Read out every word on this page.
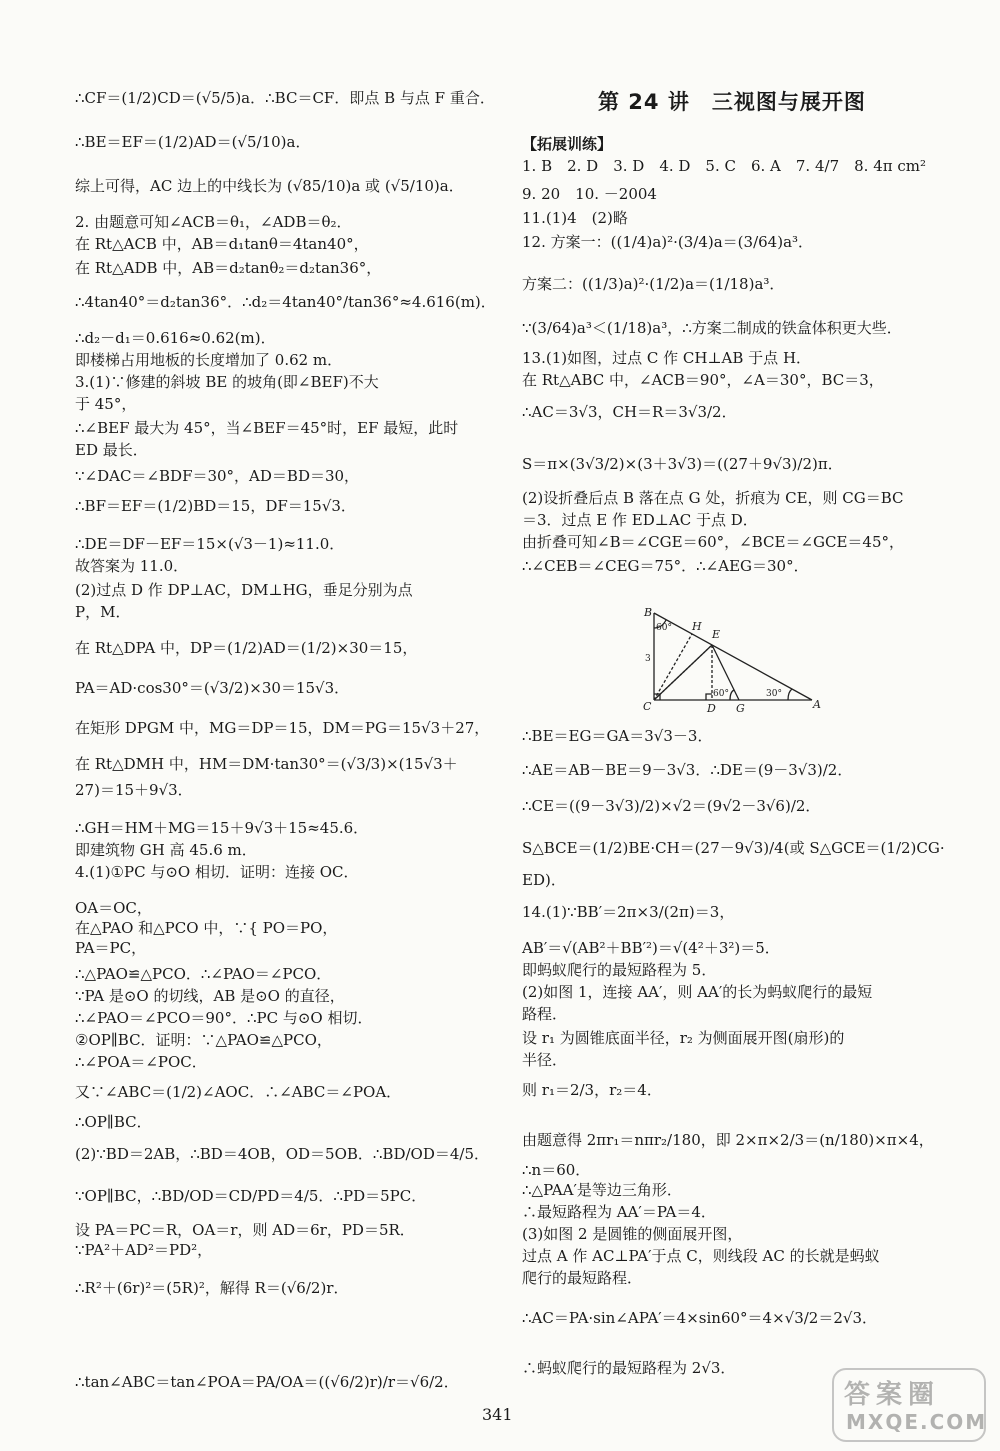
第 24 讲　三视图与展开图
∴CF＝(1/2)CD＝(√5/5)a．∴BC＝CF．即点 B 与点 F 重合．
∴BE＝EF＝(1/2)AD＝(√5/10)a．
综上可得，AC 边上的中线长为 (√85/10)a 或 (√5/10)a．
2. 由题意可知∠ACB＝θ₁，∠ADB＝θ₂．
在 Rt△ACB 中，AB＝d₁tanθ＝4tan40°，
在 Rt△ADB 中，AB＝d₂tanθ₂＝d₂tan36°，
∴4tan40°＝d₂tan36°．∴d₂＝4tan40°/tan36°≈4.616(m)．
∴d₂－d₁＝0.616≈0.62(m)．
即楼梯占用地板的长度增加了 0.62 m．
3.(1)∵修建的斜坡 BE 的坡角(即∠BEF)不大
于 45°，
∴∠BEF 最大为 45°，当∠BEF＝45°时，EF 最短，此时
ED 最长．
∵∠DAC＝∠BDF＝30°，AD＝BD＝30，
∴BF＝EF＝(1/2)BD＝15，DF＝15√3．
∴DE＝DF－EF＝15×(√3－1)≈11.0．
故答案为 11.0．
(2)过点 D 作 DP⊥AC，DM⊥HG，垂足分别为点
P，M．
在 Rt△DPA 中，DP＝(1/2)AD＝(1/2)×30＝15，
PA＝AD·cos30°＝(√3/2)×30＝15√3．
在矩形 DPGM 中，MG＝DP＝15，DM＝PG＝15√3＋27，
在 Rt△DMH 中，HM＝DM·tan30°＝(√3/3)×(15√3＋
27)＝15＋9√3．
∴GH＝HM＋MG＝15＋9√3＋15≈45.6．
即建筑物 GH 高 45.6 m．
4.(1)①PC 与⊙O 相切．证明：连接 OC．
OA＝OC，
在△PAO 和△PCO 中，∵{ PO＝PO，
PA＝PC，
∴△PAO≌△PCO．∴∠PAO＝∠PCO．
∵PA 是⊙O 的切线，AB 是⊙O 的直径，
∴∠PAO＝∠PCO＝90°．∴PC 与⊙O 相切．
②OP∥BC．证明：∵△PAO≌△PCO，
∴∠POA＝∠POC．
又∵∠ABC＝(1/2)∠AOC．∴∠ABC＝∠POA．
∴OP∥BC．
(2)∵BD＝2AB，∴BD＝4OB，OD＝5OB．∴BD/OD＝4/5．
∵OP∥BC，∴BD/OD＝CD/PD＝4/5．∴PD＝5PC．
设 PA＝PC＝R，OA＝r，则 AD＝6r，PD＝5R．
∵PA²＋AD²＝PD²，
∴R²＋(6r)²＝(5R)²，解得 R＝(√6/2)r．
∴tan∠ABC＝tan∠POA＝PA/OA＝((√6/2)r)/r＝√6/2．
【拓展训练】
1. B　2. D　3. D　4. D　5. C　6. A　7. 4/7　8. 4π cm²
9. 20　10. －2004
11.(1)4　(2)略
12. 方案一：((1/4)a)²·(3/4)a＝(3/64)a³．
方案二：((1/3)a)²·(1/2)a＝(1/18)a³．
∵(3/64)a³＜(1/18)a³，∴方案二制成的铁盒体积更大些．
13.(1)如图，过点 C 作 CH⊥AB 于点 H．
在 Rt△ABC 中，∠ACB＝90°，∠A＝30°，BC＝3，
∴AC＝3√3，CH＝R＝3√3/2．
S＝π×(3√3/2)×(3＋3√3)＝((27＋9√3)/2)π．
(2)设折叠后点 B 落在点 G 处，折痕为 CE，则 CG＝BC
＝3．过点 E 作 ED⊥AC 于点 D．
由折叠可知∠B＝∠CGE＝60°，∠BCE＝∠GCE＝45°，
∴∠CEB＝∠CEG＝75°．∴∠AEG＝30°．
∴BE＝EG＝GA＝3√3－3．
∴AE＝AB－BE＝9－3√3．∴DE＝(9－3√3)/2．
∴CE＝((9－3√3)/2)×√2＝(9√2－3√6)/2．
S△BCE＝(1/2)BE·CH＝(27－9√3)/4(或 S△GCE＝(1/2)CG·
ED)．
14.(1)∵BB′＝2π×3/(2π)＝3，
AB′＝√(AB²＋BB′²)＝√(4²＋3²)＝5．
即蚂蚁爬行的最短路程为 5．
(2)如图 1，连接 AA′，则 AA′的长为蚂蚁爬行的最短
路程．
设 r₁ 为圆锥底面半径，r₂ 为侧面展开图(扇形)的
半径．
则 r₁＝2/3，r₂＝4．
由题意得 2πr₁＝nπr₂/180，即 2×π×2/3＝(n/180)×π×4，
∴n＝60．
∴△PAA′是等边三角形．
∴最短路程为 AA′＝PA＝4．
(3)如图 2 是圆锥的侧面展开图，
过点 A 作 AC⊥PA′于点 C，则线段 AC 的长就是蚂蚁
爬行的最短路程．
∴AC＝PA·sin∠APA′＝4×sin60°＝4×√3/2＝2√3．
∴蚂蚁爬行的最短路程为 2√3．
B
H
E
C	D G	A
3
60°
60°	30°
341
答案圈
MXQE.COM
